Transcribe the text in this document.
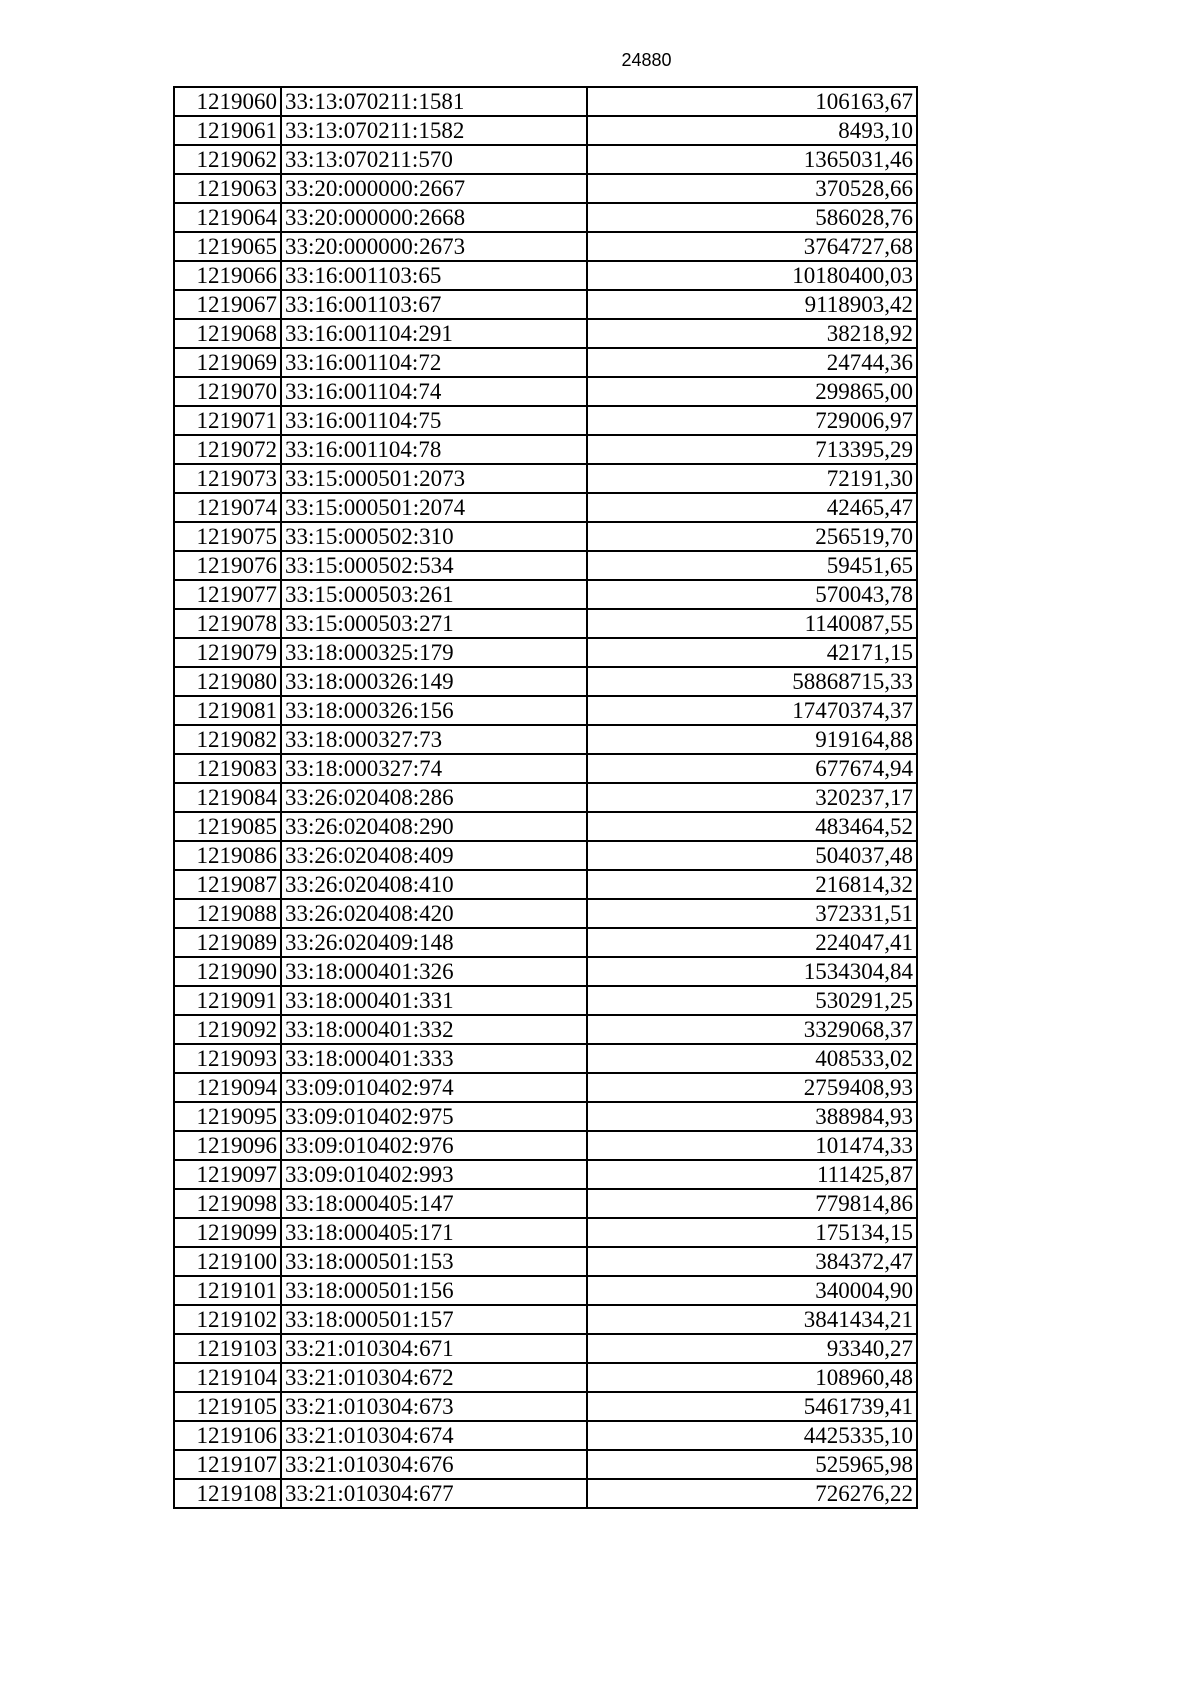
24880
1219060	33:13:070211:1581	106163,67
1219061	33:13:070211:1582	8493,10
1219062	33:13:070211:570	1365031,46
1219063	33:20:000000:2667	370528,66
1219064	33:20:000000:2668	586028,76
1219065	33:20:000000:2673	3764727,68
1219066	33:16:001103:65	10180400,03
1219067	33:16:001103:67	9118903,42
1219068	33:16:001104:291	38218,92
1219069	33:16:001104:72	24744,36
1219070	33:16:001104:74	299865,00
1219071	33:16:001104:75	729006,97
1219072	33:16:001104:78	713395,29
1219073	33:15:000501:2073	72191,30
1219074	33:15:000501:2074	42465,47
1219075	33:15:000502:310	256519,70
1219076	33:15:000502:534	59451,65
1219077	33:15:000503:261	570043,78
1219078	33:15:000503:271	1140087,55
1219079	33:18:000325:179	42171,15
1219080	33:18:000326:149	58868715,33
1219081	33:18:000326:156	17470374,37
1219082	33:18:000327:73	919164,88
1219083	33:18:000327:74	677674,94
1219084	33:26:020408:286	320237,17
1219085	33:26:020408:290	483464,52
1219086	33:26:020408:409	504037,48
1219087	33:26:020408:410	216814,32
1219088	33:26:020408:420	372331,51
1219089	33:26:020409:148	224047,41
1219090	33:18:000401:326	1534304,84
1219091	33:18:000401:331	530291,25
1219092	33:18:000401:332	3329068,37
1219093	33:18:000401:333	408533,02
1219094	33:09:010402:974	2759408,93
1219095	33:09:010402:975	388984,93
1219096	33:09:010402:976	101474,33
1219097	33:09:010402:993	111425,87
1219098	33:18:000405:147	779814,86
1219099	33:18:000405:171	175134,15
1219100	33:18:000501:153	384372,47
1219101	33:18:000501:156	340004,90
1219102	33:18:000501:157	3841434,21
1219103	33:21:010304:671	93340,27
1219104	33:21:010304:672	108960,48
1219105	33:21:010304:673	5461739,41
1219106	33:21:010304:674	4425335,10
1219107	33:21:010304:676	525965,98
1219108	33:21:010304:677	726276,22
